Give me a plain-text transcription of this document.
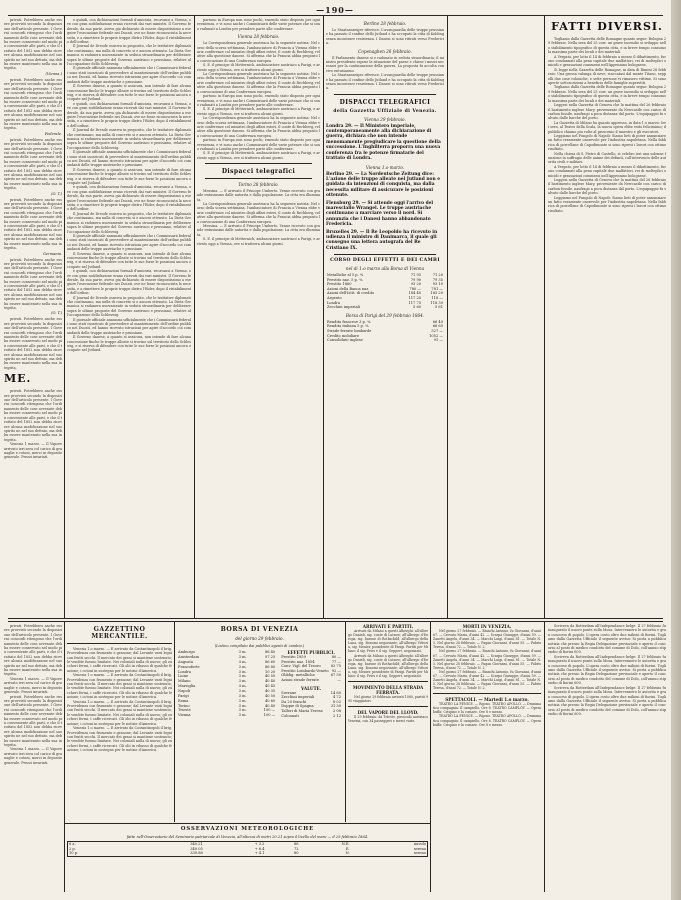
—190—
privati. Potrebbero anche essere provvisti secondo la disposizione dell'articolo presente. I Governi concordi ritengono che l'ordinamento delle cose avvenute debba essere conservato nel modo piu conveniente alle parti, e che il trattato del 1852 non debba ricevere alcuna modificazione nel suo spirito ne nel suo dettato, ma debba essere mantenuto nella sua integrita.
(Vienna.)
privati. Potrebbero anche essere provvisti secondo la disposizione dell'articolo presente. I Governi concordi ritengono che l'ordinamento delle cose avvenute debba essere conservato nel modo piu conveniente alle parti, e che il trattato del 1852 non debba ricevere alcuna modificazione nel suo spirito ne nel suo dettato, ma debba essere mantenuto nella sua integrita.
Federale.
privati. Potrebbero anche essere provvisti secondo la disposizione dell'articolo presente. I Governi concordi ritengono che l'ordinamento delle cose avvenute debba essere conservato nel modo piu conveniente alle parti, e che il trattato del 1852 non debba ricevere alcuna modificazione nel suo spirito ne nel suo dettato, ma debba essere mantenuto nella sua integrita.
(O. T.)
privati. Potrebbero anche essere provvisti secondo la disposizione dell'articolo presente. I Governi concordi ritengono che l'ordinamento delle cose avvenute debba essere conservato nel modo piu conveniente alle parti, e che il trattato del 1852 non debba ricevere alcuna modificazione nel suo spirito ne nel suo dettato, ma debba essere mantenuto nella sua integrita.
Germania.
privati. Potrebbero anche essere provvisti secondo la disposizione dell'articolo presente. I Governi concordi ritengono che l'ordinamento delle cose avvenute debba essere conservato nel modo piu conveniente alle parti, e che il trattato del 1852 non debba ricevere alcuna modificazione nel suo spirito ne nel suo dettato, ma debba essere mantenuto nella sua integrita.
(O. T.)
privati. Potrebbero anche essere provvisti secondo la disposizione dell'articolo presente. I Governi concordi ritengono che l'ordinamento delle cose avvenute debba essere conservato nel modo piu conveniente alle parti, e che il trattato del 1852 non debba ricevere alcuna modificazione nel suo spirito ne nel suo dettato, ma debba essere mantenuto nella sua integrita.
ME.
privati. Potrebbero anche essere provvisti secondo la disposizione dell'articolo presente. I Governi concordi ritengono che l'ordinamento delle cose avvenute debba essere conservato nel modo piu conveniente alle parti, e che il trattato del 1852 non debba ricevere alcuna modificazione nel suo spirito ne nel suo dettato, ma debba essere mantenuto nella sua integrita.
Venezia 1 marzo. — Il Vapore arrivato ieri sera col carico di granaglie e cotoni, merci in deposito generale. Prezzi invariati.
e quindi, con dichiarazioni formali d'amicizia, recavansi a Vienna, ove con gran soddisfazione erano ricevuti dai vari ministri. Il Governo federale, da sua parte, aveva gia dichiarato di essere dispostissimo a eseguire l'esecuzione federale nei Ducati, ove ne fosse riconosciuta la necessita, e a rimettere le proprie truppe dietro l'Eider, dopo il ristabilimento dell'ordine.
Il Journal de Dresde osserva in proposito, che le trattative diplomatiche continuano, ma nulla di concreto si e ancora ottenuto. La Dieta Germanica si radunera nuovamente in seduta straordinaria per deliberare sopra le ultime proposte del Governo austriaco e prussiano, relative all'occupazione dello Schleswig.
Il giornale ufficiale annunzia ufficialmente che i Commissarii federali sono stati incaricati di provvedere al mantenimento dell'ordine pubblico nei Ducati, ed hanno ricevuto istruzioni per agire d'accordo coi comandanti delle truppe austriache e prussiane.
Il Governo danese, a quanto si assicura, non intende di fare alcuna concessione finche le truppe alleate si trovino sul territorio dello Schleswig, e si riserva di difendere con tutte le sue forze le posizioni ancora occupate nel Jutland.
e quindi, con dichiarazioni formali d'amicizia, recavansi a Vienna, ove con gran soddisfazione erano ricevuti dai vari ministri. Il Governo federale, da sua parte, aveva gia dichiarato di essere dispostissimo a eseguire l'esecuzione federale nei Ducati, ove ne fosse riconosciuta la necessita, e a rimettere le proprie truppe dietro l'Eider, dopo il ristabilimento dell'ordine.
Il Journal de Dresde osserva in proposito, che le trattative diplomatiche continuano, ma nulla di concreto si e ancora ottenuto. La Dieta Germanica si radunera nuovamente in seduta straordinaria per deliberare sopra le ultime proposte del Governo austriaco e prussiano, relative all'occupazione dello Schleswig.
Il giornale ufficiale annunzia ufficialmente che i Commissarii federali sono stati incaricati di provvedere al mantenimento dell'ordine pubblico nei Ducati, ed hanno ricevuto istruzioni per agire d'accordo coi comandanti delle truppe austriache e prussiane.
Il Governo danese, a quanto si assicura, non intende di fare alcuna concessione finche le truppe alleate si trovino sul territorio dello Schleswig, e si riserva di difendere con tutte le sue forze le posizioni ancora occupate nel Jutland.
e quindi, con dichiarazioni formali d'amicizia, recavansi a Vienna, ove con gran soddisfazione erano ricevuti dai vari ministri. Il Governo federale, da sua parte, aveva gia dichiarato di essere dispostissimo a eseguire l'esecuzione federale nei Ducati, ove ne fosse riconosciuta la necessita, e a rimettere le proprie truppe dietro l'Eider, dopo il ristabilimento dell'ordine.
Il Journal de Dresde osserva in proposito, che le trattative diplomatiche continuano, ma nulla di concreto si e ancora ottenuto. La Dieta Germanica si radunera nuovamente in seduta straordinaria per deliberare sopra le ultime proposte del Governo austriaco e prussiano, relative all'occupazione dello Schleswig.
Il giornale ufficiale annunzia ufficialmente che i Commissarii federali sono stati incaricati di provvedere al mantenimento dell'ordine pubblico nei Ducati, ed hanno ricevuto istruzioni per agire d'accordo coi comandanti delle truppe austriache e prussiane.
Il Governo danese, a quanto si assicura, non intende di fare alcuna concessione finche le truppe alleate si trovino sul territorio dello Schleswig, e si riserva di difendere con tutte le sue forze le posizioni ancora occupate nel Jutland.
e quindi, con dichiarazioni formali d'amicizia, recavansi a Vienna, ove con gran soddisfazione erano ricevuti dai vari ministri. Il Governo federale, da sua parte, aveva gia dichiarato di essere dispostissimo a eseguire l'esecuzione federale nei Ducati, ove ne fosse riconosciuta la necessita, e a rimettere le proprie truppe dietro l'Eider, dopo il ristabilimento dell'ordine.
Il Journal de Dresde osserva in proposito, che le trattative diplomatiche continuano, ma nulla di concreto si e ancora ottenuto. La Dieta Germanica si radunera nuovamente in seduta straordinaria per deliberare sopra le ultime proposte del Governo austriaco e prussiano, relative all'occupazione dello Schleswig.
Il giornale ufficiale annunzia ufficialmente che i Commissarii federali sono stati incaricati di provvedere al mantenimento dell'ordine pubblico nei Ducati, ed hanno ricevuto istruzioni per agire d'accordo coi comandanti delle truppe austriache e prussiane.
Il Governo danese, a quanto si assicura, non intende di fare alcuna concessione finche le truppe alleate si trovino sul territorio dello Schleswig, e si riserva di difendere con tutte le sue forze le posizioni ancora occupate nel Jutland.
partono in Europa non sono pochi, essendo stato disposto per ogni evenienza, e vi sono anche i Commissarii delle varie potenze che si sono radunati a Londra per prendere parte alle conferenze.
Vienna 28 febbraio.
La Corrispondenza generale austriaca ha la seguente notizia: Nel corso della scorsa settimana, l'ambasciatore di Francia a Vienna ebbe varie conferenze col ministro degli affari esteri, il conte di Rechberg, relative alla questione danese. Si afferma che la Francia abbia proposto la convocazione di una Conferenza europea.
S. E. il principe di Metternich, ambasciatore austriaco a Parigi, e arrivato oggi a Vienna, ove si tratterra alcuni giorni.
La Corrispondenza generale austriaca ha la seguente notizia: Nel corso della scorsa settimana, l'ambasciatore di Francia a Vienna ebbe varie conferenze col ministro degli affari esteri, il conte di Rechberg, relative alla questione danese. Si afferma che la Francia abbia proposto la convocazione di una Conferenza europea.
partono in Europa non sono pochi, essendo stato disposto per ogni evenienza, e vi sono anche i Commissarii delle varie potenze che si sono radunati a Londra per prendere parte alle conferenze.
S. E. il principe di Metternich, ambasciatore austriaco a Parigi, e arrivato oggi a Vienna, ove si tratterra alcuni giorni.
La Corrispondenza generale austriaca ha la seguente notizia: Nel corso della scorsa settimana, l'ambasciatore di Francia a Vienna ebbe varie conferenze col ministro degli affari esteri, il conte di Rechberg, relative alla questione danese. Si afferma che la Francia abbia proposto la convocazione di una Conferenza europea.
partono in Europa non sono pochi, essendo stato disposto per ogni evenienza, e vi sono anche i Commissarii delle varie potenze che si sono radunati a Londra per prendere parte alle conferenze.
S. E. il principe di Metternich, ambasciatore austriaco a Parigi, e arrivato oggi a Vienna, ove si tratterra alcuni giorni.
Dispacci telegrafici
Torino 28 febbraio.
Messina. — E arrivato il Principe Umberto. Venne ricevuto con grande entusiasmo dalle autorita e dalla popolazione. La citta era illuminata.
La Corrispondenza generale austriaca ha la seguente notizia: Nel corso della scorsa settimana, l'ambasciatore di Francia a Vienna ebbe varie conferenze col ministro degli affari esteri, il conte di Rechberg, relative alla questione danese. Si afferma che la Francia abbia proposto la convocazione di una Conferenza europea.
Messina. — E arrivato il Principe Umberto. Venne ricevuto con grande entusiasmo dalle autorita e dalla popolazione. La citta era illuminata.
S. E. il principe di Metternich, ambasciatore austriaco a Parigi, e arrivato oggi a Vienna, ove si tratterra alcuni giorni.
Berlino 28 febbraio.
Lo Staatsanzeiger riferisce: L'avanguardia delle truppe prussiane ha passato il confine dello Jutland e ha occupato la citta di Kolding senza incontrare resistenza. I Danesi si sono ritirati verso Fredericia.
Copenaghen 26 febbraio.
Il Parlamento danese si e radunato in seduta straordinaria; il ministro presidente espose la situazione del paese e chiese i mezzi necessari per la continuazione della guerra. La proposta fu accolta con vivo entusiasmo.
Lo Staatsanzeiger riferisce: L'avanguardia delle truppe prussiane ha passato il confine dello Jutland e ha occupato la citta di Kolding senza incontrare resistenza. I Danesi si sono ritirati verso Fredericia.
DISPACCI TELEGRAFICI
della Gazzetta Uffiziale di Venezia.
Vienna 29 febbraio.
Londra 29. — Il Ministero imperiale, contemporaneamente alla dichiarazione di guerra, dichiara che non intende menomamente pregiudicare la questione della successione. L'Inghilterra proporra una nuova conferenza fra le potenze firmatarie del trattato di Londra.
Vienna 1.o marzo.
Berlino 29. — La Nordeutsche Zeitung dice: L'azione delle truppe alleate nel Jutland non e guidata da intenzioni di conquista, ma dalla necessita militare di assicurare le posizioni ottenute.
Flensburg 29. — Si attende oggi l'arrivo del maresciallo Wrangel. Le truppe austriache continuano a marciare verso il nord. Si annunzia che i Danesi hanno abbandonato Fredericia.
Bruxelles 29. — Il Re Leopoldo ha ricevuto in udienza il ministro di Danimarca, il quale gli consegno una lettera autografa del Re Cristiano IX.
CORSO DEGLI EFFETTI E DEI CAMBI
nel di 1.o marzo alla Borsa di Vienna
Metalliche al 5 p. %	71 95	71 20
Prestito naz. 5 p. %	79 90	79 35
Prestito 1860	93 20	93 10
Azioni della Banca naz.	780 —	781 —
Azioni dell'Istit. di credito	184 40	185 20
Argento	117 25	118 —
Londra	117 75	118 30
Zecchini imperiali	5 60	5 61
Borsa di Parigi del 29 febbraio 1864.
Rendita francese 3 p. %	66 40
Rendita italiana 5 p. %	66 65
Strade ferrate lombarde	527 —
Credito mobiliare	1052 —
Consolidato inglese	91 —
FATTI DIVERSI.
Togliamo dalla Gazzetta delle Romagne quanto segue: Bologna 29 febbraio. Nella sera del 25 corr. un grave incendio si sviluppo nello stabilimento tipografico di questa citta, e in breve tempo consumo la massima parte dei locali e dei materiali.
A Vergato, per lotto il 14 di febbraio a mezzo il dibattimento, furono condannati alla pena capitale due malfattori, rei di molteplici omicidi e grassazioni commessi nell'Appennino bolognese.
Si legge nella Gazzetta delle Romagne, in data di Rimini 26 febbraio: Una grossa valanga di neve, staccatasi dal monte Titano, seppelli due case coloniche, e sette persone vi rimasero vittime. Si sono aperte sottoscrizioni a beneficio delle famiglie superstiti.
Togliamo dalla Gazzetta delle Romagne quanto segue: Bologna 29 febbraio. Nella sera del 25 corr. un grave incendio si sviluppo nello stabilimento tipografico di questa citta, e in breve tempo consumo la massima parte dei locali e dei materiali.
Leggesi nella Gazzetta di Genova che la mattina del 26 febbraio il bastimento inglese Mary, proveniente da Newcastle con carico di carbon fossile, naufrago a poca distanza dal porto. L'equipaggio fu salvato dalle barche del porto.
La Gazzetta di Milano ha quanto appresso, in data 1.o marzo: Ieri sera, al Teatro della Scala, la nuova opera ebbe esito felicissimo; il pubblico chiamo piu volte al proscenio il maestro e gli esecutori.
Leggiamo nel Pungolo di Napoli: Siamo lieti di poter annunziare un fatto veramente onorevole per l'industria napoletana. Nella fabbrica di porcellane di Capodimonte si sono ripresi i lavori con ottimo risultato.
Nella chiesa di S. Pietro di Castello, si celebro ieri una solenne funzione in suffragio delle anime dei defunti, coll'intervento delle autorita civili e militari.
A Vergato, per lotto il 14 di febbraio a mezzo il dibattimento, furono condannati alla pena capitale due malfattori, rei di molteplici omicidi e grassazioni commessi nell'Appennino bolognese.
Leggesi nella Gazzetta di Genova che la mattina del 26 febbraio il bastimento inglese Mary, proveniente da Newcastle con carico di carbon fossile, naufrago a poca distanza dal porto. L'equipaggio fu salvato dalle barche del porto.
Leggiamo nel Pungolo di Napoli: Siamo lieti di poter annunziare un fatto veramente onorevole per l'industria napoletana. Nella fabbrica di porcellane di Capodimonte si sono ripresi i lavori con ottimo risultato.
privati. Potrebbero anche essere provvisti secondo la disposizione dell'articolo presente. I Governi concordi ritengono che l'ordinamento delle cose avvenute debba essere conservato nel modo piu conveniente alle parti, e che il trattato del 1852 non debba ricevere alcuna modificazione nel suo spirito ne nel suo dettato, ma debba essere mantenuto nella sua integrita.
Venezia 1 marzo. — Il Vapore arrivato ieri sera col carico di granaglie e cotoni, merci in deposito generale. Prezzi invariati.
privati. Potrebbero anche essere provvisti secondo la disposizione dell'articolo presente. I Governi concordi ritengono che l'ordinamento delle cose avvenute debba essere conservato nel modo piu conveniente alle parti, e che il trattato del 1852 non debba ricevere alcuna modificazione nel suo spirito ne nel suo dettato, ma debba essere mantenuto nella sua integrita.
Venezia 1 marzo. — Il Vapore arrivato ieri sera col carico di granaglie e cotoni, merci in deposito generale. Prezzi invariati.
GAZZETTINO MERCANTILE.
Venezia 1.o marzo. — E arrivato da Costantinopoli il brig. Provvidenza con frumento e granone; dal Levante varii legni con frutti secchi. Il mercato dei grani si mantiene sostenuto; le vendite furono limitate. Nei coloniali nulla di nuovo; gli zuccheri fermi, i caffe ricercati. Gli olii in ribasso di qualche frazione; i cotoni in sostegno per le notizie d'America.
Venezia 1.o marzo. — E arrivato da Costantinopoli il brig. Provvidenza con frumento e granone; dal Levante varii legni con frutti secchi. Il mercato dei grani si mantiene sostenuto; le vendite furono limitate. Nei coloniali nulla di nuovo; gli zuccheri fermi, i caffe ricercati. Gli olii in ribasso di qualche frazione; i cotoni in sostegno per le notizie d'America.
Venezia 1.o marzo. — E arrivato da Costantinopoli il brig. Provvidenza con frumento e granone; dal Levante varii legni con frutti secchi. Il mercato dei grani si mantiene sostenuto; le vendite furono limitate. Nei coloniali nulla di nuovo; gli zuccheri fermi, i caffe ricercati. Gli olii in ribasso di qualche frazione; i cotoni in sostegno per le notizie d'America.
Venezia 1.o marzo. — E arrivato da Costantinopoli il brig. Provvidenza con frumento e granone; dal Levante varii legni con frutti secchi. Il mercato dei grani si mantiene sostenuto; le vendite furono limitate. Nei coloniali nulla di nuovo; gli zuccheri fermi, i caffe ricercati. Gli olii in ribasso di qualche frazione; i cotoni in sostegno per le notizie d'America.
BORSA DI VENEZIA
del giorno 29 febbraio.
(Listino compilato dai pubblici agenti di cambio.)
Amburgo	3 m.	86 40
Amsterdam	3 m.	97 25
Augusta	3 m.	86 60
Francoforte	3 m.	86 80
Londra	3 m.	10 20
Lione	3 m.	40 50
Milano	3 m.	40 40
Marsiglia	3 m.	40 45
Napoli	3 m.	40 35
Parigi	3 m.	40 50
Roma	3 m.	40 60
Torino	3 m.	40 40
Trieste	3 m.	100 —
Vienna	3 m.	100 —
EFFETTI PUBBLICI.
Prestito 1859	80 —
Prestito naz. 1854	77 —
Conv. Vigl. del Tesoro	82 75
Prestito Lombardo-Veneto	92 —
Obblig. metalliche	67 50
Azioni strade ferrate	—
VALUTE.
Sovrane	14 60
Zecchini imperiali	4 72
Da 20 franchi	8 02
Doppie di Spagna	31 30
Talleri di Maria Teresa	2 08
Colonnati	2 12
ARRIVATI E PARTITI.
Arrivati da Milano a questi Alberghi: all'albergo Danieli, sig. conte di Lutzow; all'albergo d'Europa, sig. barone di Rothschild; all'albergo della Luna, sig. Bonomi negoziante; all'albergo Vittoria, sig. Menier, possidente di Parigi. Partiti per Milano: il sig. Fries e il sig. Geppert, negozianti.
Arrivati da Milano a questi Alberghi: all'albergo Danieli, sig. conte di Lutzow; all'albergo d'Europa, sig. barone di Rothschild; all'albergo della Luna, sig. Bonomi negoziante; all'albergo Vittoria, sig. Menier, possidente di Parigi. Partiti per Milano: il sig. Fries e il sig. Geppert, negozianti.
MOVIMENTO DELLA STRADA FERRATA.
Nel giorno 29 febbraio arrivati 1080, partiti 995 viaggiatori.
DEL VAPORE DEL LLOYD.
Il 29 febbraio: da Trieste, piroscafo austriaco Venezia, con 34 passeggeri e merci varie.
MORTI IN VENEZIA.
Nel giorno 27 febbraio. — Bianchi Antonio, fu Giovanni, d'anni 67. — Crevato Maria, d'anni 42. — Scarpa Giuseppe, d'anni 59. — Zanetti Angela, d'anni 34. — Marchi Luigi, d'anni 81. — Totale N. 5. Nel giorno 28 febbraio. — Pagan Giovanni, d'anni 55. — Fabris Teresa, d'anni 72. — Totale N. 2.
Nel giorno 27 febbraio. — Bianchi Antonio, fu Giovanni, d'anni 67. — Crevato Maria, d'anni 42. — Scarpa Giuseppe, d'anni 59. — Zanetti Angela, d'anni 34. — Marchi Luigi, d'anni 81. — Totale N. 5. Nel giorno 28 febbraio. — Pagan Giovanni, d'anni 55. — Fabris Teresa, d'anni 72. — Totale N. 2.
Nel giorno 27 febbraio. — Bianchi Antonio, fu Giovanni, d'anni 67. — Crevato Maria, d'anni 42. — Scarpa Giuseppe, d'anni 59. — Zanetti Angela, d'anni 34. — Marchi Luigi, d'anni 81. — Totale N. 5. Nel giorno 28 febbraio. — Pagan Giovanni, d'anni 55. — Fabris Teresa, d'anni 72. — Totale N. 2.
SPETTACOLI. — Martedi 1.o marzo.
TEATRO LA FENICE. — Riposo. TEATRO APOLLO. — Drammatica compagnia: Il campiello. Ore 8. TEATRO CAMPLOY. — Opera buffa: Crispino e la comare. Ore 8 e mezzo.
TEATRO LA FENICE. — Riposo. TEATRO APOLLO. — Drammatica compagnia: Il campiello. Ore 8. TEATRO CAMPLOY. — Opera buffa: Crispino e la comare. Ore 8 e mezzo.
Scriveva da Rotterdam all'Independance belge: Il 27 febbraio fu inaugurato il nuovo ponte sulla Mosa. Intervennero le autorita e gran concorso di popolo. L'opera costo oltre due milioni di fiorini. Togliamo dalla Gazzetta Ufficiale il seguente avviso: Si porta a pubblica notizia che presso la Regia Delegazione provinciale e aperto il concorso al posto di medico condotto del comune di Dolo, coll'annuo stipendio di fiorini 600.
Scriveva da Rotterdam all'Independance belge: Il 27 febbraio fu inaugurato il nuovo ponte sulla Mosa. Intervennero le autorita e gran concorso di popolo. L'opera costo oltre due milioni di fiorini. Togliamo dalla Gazzetta Ufficiale il seguente avviso: Si porta a pubblica notizia che presso la Regia Delegazione provinciale e aperto il concorso al posto di medico condotto del comune di Dolo, coll'annuo stipendio di fiorini 600.
Scriveva da Rotterdam all'Independance belge: Il 27 febbraio fu inaugurato il nuovo ponte sulla Mosa. Intervennero le autorita e gran concorso di popolo. L'opera costo oltre due milioni di fiorini. Togliamo dalla Gazzetta Ufficiale il seguente avviso: Si porta a pubblica notizia che presso la Regia Delegazione provinciale e aperto il concorso al posto di medico condotto del comune di Dolo, coll'annuo stipendio di fiorini 600.
OSSERVAZIONI METEOROLOGICHE
fatte nell'Osservatorio del Seminario patriarcale di Venezia, all'altezza di metri 20.21 sopra il livello del mare — il 29 febbraio 1864.
6 a.	340.21	+ 3.2	86	N.E.	nuvolo
2 p.	340.05	+ 6.4	72	E.	sereno
10 p.	339.88	+ 4.1	80	N.	sereno
